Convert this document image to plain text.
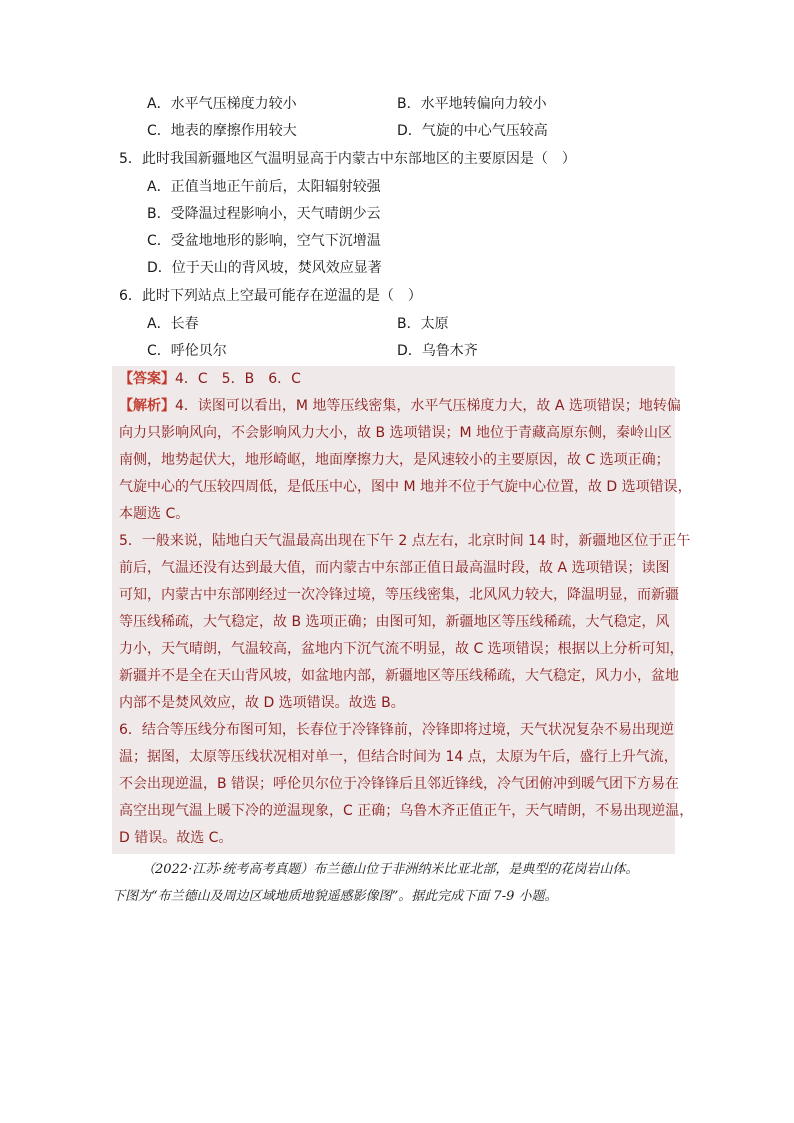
A．水平气压梯度力较小	B．水平地转偏向力较小
C．地表的摩擦作用较大	D．气旋的中心气压较高
5．此时我国新疆地区气温明显高于内蒙古中东部地区的主要原因是（　）
A．正值当地正午前后，太阳辐射较强
B．受降温过程影响小，天气晴朗少云
C．受盆地地形的影响，空气下沉增温
D．位于天山的背风坡，焚风效应显著
6．此时下列站点上空最可能存在逆温的是（　）
A．长春	B．太原
C．呼伦贝尔	D．乌鲁木齐
【答案】4．C　5．B　6．C
【解析】4．读图可以看出，M 地等压线密集，水平气压梯度力大，故 A 选项错误；地转偏
向力只影响风向，不会影响风力大小，故 B 选项错误；M 地位于青藏高原东侧，秦岭山区
南侧，地势起伏大，地形崎岖，地面摩擦力大，是风速较小的主要原因，故 C 选项正确；
气旋中心的气压较四周低，是低压中心，图中 M 地并不位于气旋中心位置，故 D 选项错误，
本题选 C。
5．一般来说，陆地白天气温最高出现在下午 2 点左右，北京时间 14 时，新疆地区位于正午
前后，气温还没有达到最大值，而内蒙古中东部正值日最高温时段，故 A 选项错误；读图
可知，内蒙古中东部刚经过一次冷锋过境，等压线密集，北风风力较大，降温明显，而新疆
等压线稀疏，大气稳定，故 B 选项正确；由图可知，新疆地区等压线稀疏，大气稳定，风
力小，天气晴朗，气温较高，盆地内下沉气流不明显，故 C 选项错误；根据以上分析可知，
新疆并不是全在天山背风坡，如盆地内部，新疆地区等压线稀疏，大气稳定，风力小，盆地
内部不是焚风效应，故 D 选项错误。故选 B。
6．结合等压线分布图可知，长春位于冷锋锋前，冷锋即将过境，天气状况复杂不易出现逆
温；据图，太原等压线状况相对单一，但结合时间为 14 点，太原为午后，盛行上升气流，
不会出现逆温，B 错误；呼伦贝尔位于冷锋锋后且邻近锋线，冷气团俯冲到暖气团下方易在
高空出现气温上暖下冷的逆温现象，C 正确；乌鲁木齐正值正午，天气晴朗，不易出现逆温，
D 错误。故选 C。
（2022·江苏·统考高考真题）布兰德山位于非洲纳米比亚北部，是典型的花岗岩山体。
下图为“布兰德山及周边区域地质地貌遥感影像图”。据此完成下面 7-9 小题。
